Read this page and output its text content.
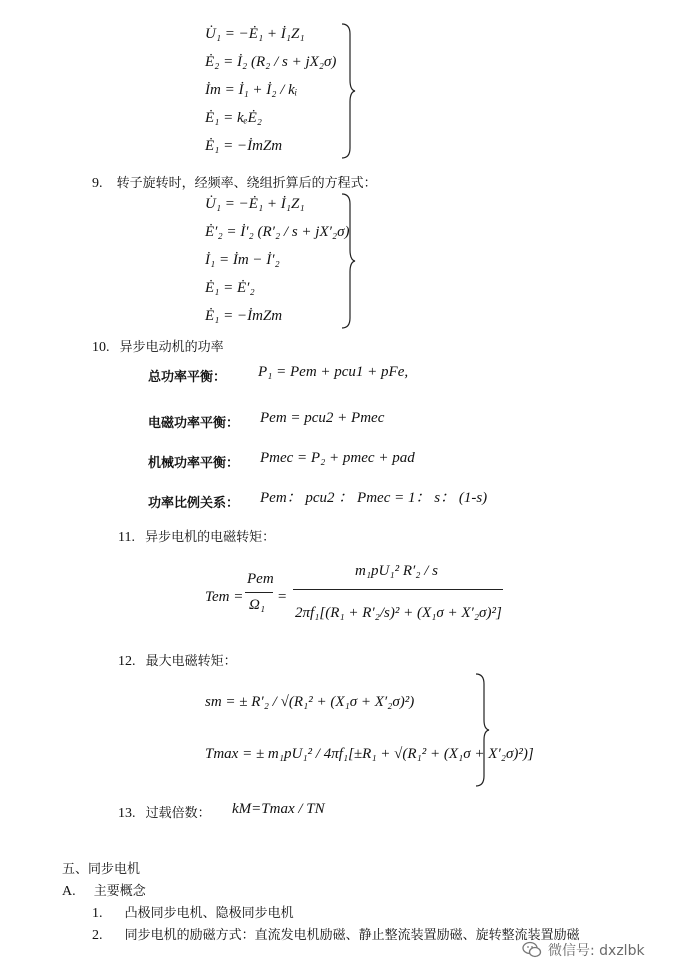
U̇₁ = −Ė₁ + İ₁Z₁
Ė₂ = İ₂ (R₂ / s + jX₂σ)
İm = İ₁ + İ₂ / kᵢ
Ė₁ = kₑĖ₂
Ė₁ = −İmZm
9. 转子旋转时，经频率、绕组折算后的方程式：
U̇₁ = −Ė₁ + İ₁Z₁
Ė′₂ = İ′₂ (R′₂ / s + jX′₂σ)
İ₁ = İm − İ′₂
Ė₁ = Ė′₂
Ė₁ = −İmZm
10. 异步电动机的功率
总功率平衡： P₁ = Pem + pcu1 + pFe,
电磁功率平衡： Pem = pcu2 + Pmec
机械功率平衡： Pmec = P₂ + pmec + pad
功率比例关系： Pem： pcu2 ： Pmec = 1： s： (1-s)
11. 异步电机的电磁转矩：
Tem =
Pem
Ω₁ =
m₁pU₁² R′₂ / s
2πf₁[(R₁ + R′₂/s)² + (X₁σ + X′₂σ)²]
12. 最大电磁转矩：
sm = ± R′₂ / √(R₁² + (X₁σ + X′₂σ)²)
Tmax = ± m₁pU₁² / 4πf₁[±R₁ + √(R₁² + (X₁σ + X′₂σ)²)]
13. 过载倍数： kM=Tmax / TN
五、同步电机
A. 主要概念
1. 凸极同步电机、隐极同步电机
2. 同步电机的励磁方式：直流发电机励磁、静止整流装置励磁、旋转整流装置励磁
微信号: dxzlbk
